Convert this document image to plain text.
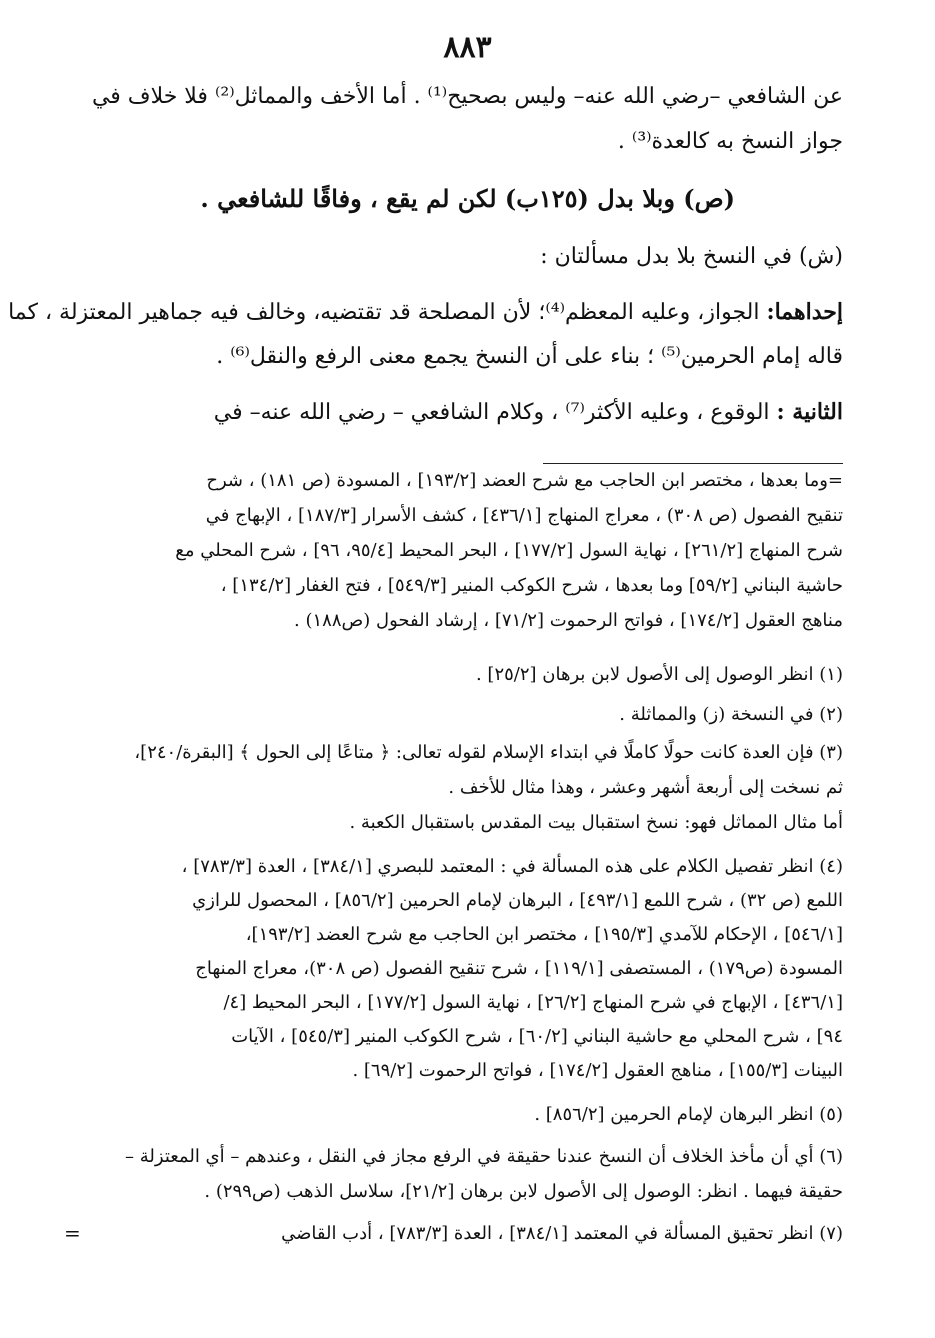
٨٨٣
عن الشافعي –رضي الله عنه– وليس بصحيح⁽¹⁾ . أما الأخف والمماثل⁽²⁾ فلا خلاف في
جواز النسخ به كالعدة⁽³⁾ .
(ص) وبلا بدل (١٢٥ب) لكن لم يقع ، وفاقًا للشافعي .
(ش) في النسخ بلا بدل مسألتان :
إحداهما: الجواز، وعليه المعظم⁽⁴⁾؛ لأن المصلحة قد تقتضيه، وخالف فيه جماهير المعتزلة ، كما
قاله إمام الحرمين⁽⁵⁾ ؛ بناء على أن النسخ يجمع معنى الرفع والنقل⁽⁶⁾ .
الثانية : الوقوع ، وعليه الأكثر⁽⁷⁾ ، وكلام الشافعي – رضي الله عنه– في
=وما بعدها ، مختصر ابن الحاجب مع شرح العضد [١٩٣/٢] ، المسودة (ص ١٨١) ، شرح
تنقيح الفصول (ص ٣٠٨) ، معراج المنهاج [٤٣٦/١] ، كشف الأسرار [١٨٧/٣] ، الإبهاج في
شرح المنهاج [٢٦١/٢] ، نهاية السول [١٧٧/٢] ، البحر المحيط [٩٥/٤، ٩٦] ، شرح المحلي مع
حاشية البناني [٥٩/٢] وما بعدها ، شرح الكوكب المنير [٥٤٩/٣] ، فتح الغفار [١٣٤/٢] ،
مناهج العقول [١٧٤/٢] ، فواتح الرحموت [٧١/٢] ، إرشاد الفحول (ص١٨٨) .
(١) انظر الوصول إلى الأصول لابن برهان [٢٥/٢] .
(٢) في النسخة (ز) والمماثلة .
(٣) فإن العدة كانت حولًا كاملًا في ابتداء الإسلام لقوله تعالى: ﴿ متاعًا إلى الحول ﴾ [البقرة/٢٤٠]،
ثم نسخت إلى أربعة أشهر وعشر ، وهذا مثال للأخف .
أما مثال المماثل فهو: نسخ استقبال بيت المقدس باستقبال الكعبة .
(٤) انظر تفصيل الكلام على هذه المسألة في : المعتمد للبصري [٣٨٤/١] ، العدة [٧٨٣/٣] ،
اللمع (ص ٣٢) ، شرح اللمع [٤٩٣/١] ، البرهان لإمام الحرمين [٨٥٦/٢] ، المحصول للرازي
[٥٤٦/١] ، الإحكام للآمدي [١٩٥/٣] ، مختصر ابن الحاجب مع شرح العضد [١٩٣/٢]،
المسودة (ص١٧٩) ، المستصفى [١١٩/١] ، شرح تنقيح الفصول (ص ٣٠٨)، معراج المنهاج
[٤٣٦/١] ، الإبهاج في شرح المنهاج [٢٦/٢] ، نهاية السول [١٧٧/٢] ، البحر المحيط [٤/
٩٤] ، شرح المحلي مع حاشية البناني [٦٠/٢] ، شرح الكوكب المنير [٥٤٥/٣] ، الآيات
البينات [١٥٥/٣] ، مناهج العقول [١٧٤/٢] ، فواتح الرحموت [٦٩/٢] .
(٥) انظر البرهان لإمام الحرمين [٨٥٦/٢] .
(٦) أي أن مأخذ الخلاف أن النسخ عندنا حقيقة في الرفع مجاز في النقل ، وعندهم – أي المعتزلة –
حقيقة فيهما . انظر: الوصول إلى الأصول لابن برهان [٢١/٢]، سلاسل الذهب (ص٢٩٩) .
(٧) انظر تحقيق المسألة في المعتمد [٣٨٤/١] ، العدة [٧٨٣/٣] ، أدب القاضي
=
